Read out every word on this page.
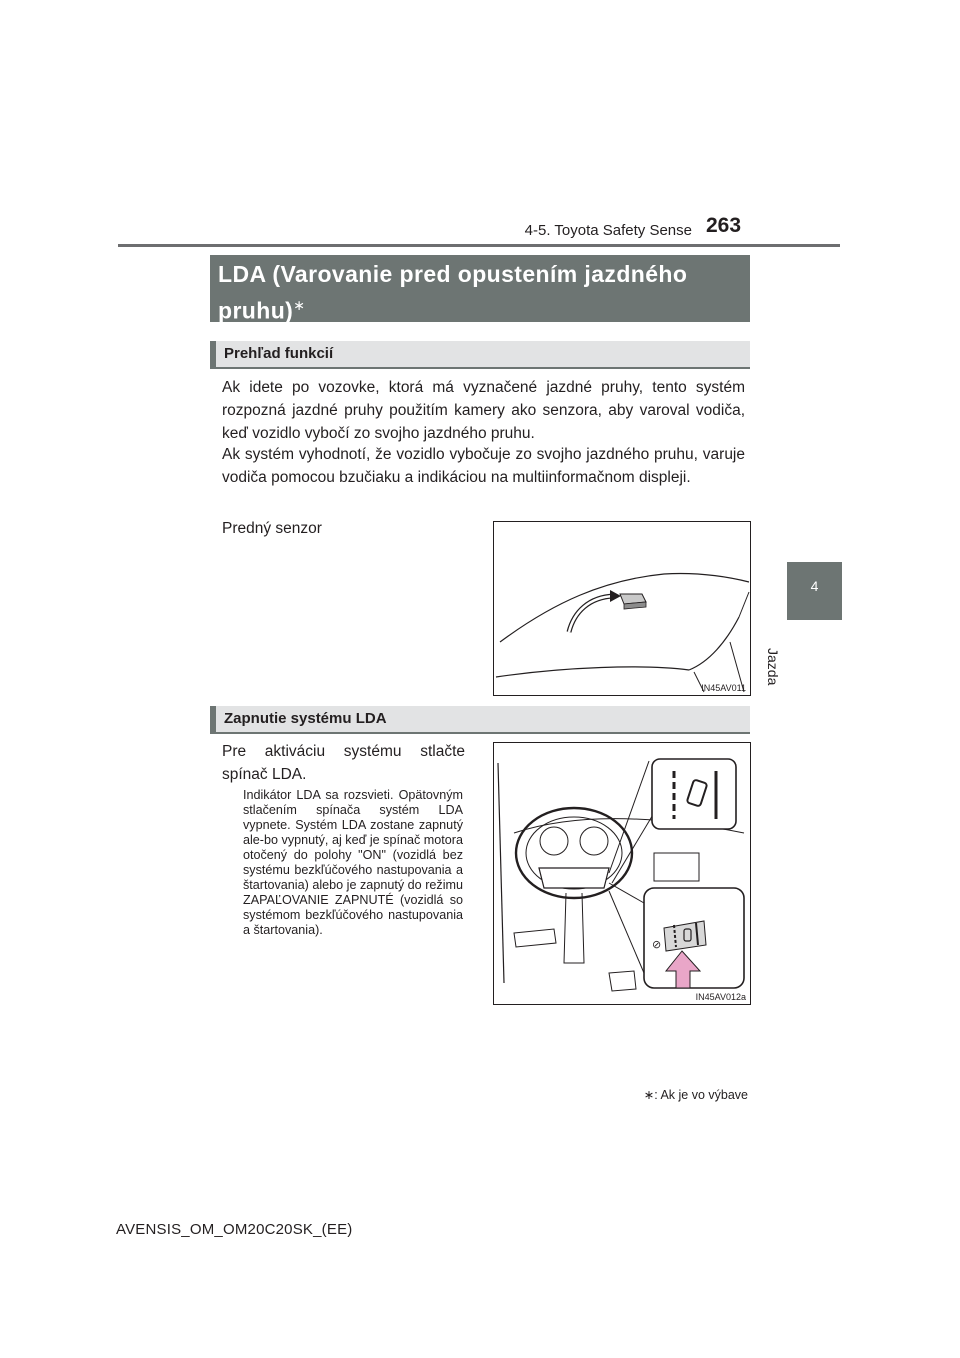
4-5. Toyota Safety Sense 263
4
Jazda
LDA (Varovanie pred opustením jazdného pruhu)∗
Prehľad funkcií
Ak idete po vozovke, ktorá má vyznačené jazdné pruhy, tento systém rozpozná jazdné pruhy použitím kamery ako senzora, aby varoval vodiča, keď vozidlo vybočí zo svojho jazdného pruhu.
Ak systém vyhodnotí, že vozidlo vybočuje zo svojho jazdného pruhu, varuje vodiča pomocou bzučiaku a indikáciou na multiinformačnom displeji.
Predný senzor
IN45AV011
Zapnutie systému LDA
Pre aktiváciu systému stlačte spínač LDA.
Indikátor LDA sa rozsvieti. Opätovným stlačením spínača systém LDA vypnete. Systém LDA zostane zapnutý ale-bo vypnutý, aj keď je spínač motora otočený do polohy "ON" (vozidlá bez systému bezkľúčového nastupovania a štartovania) alebo je zapnutý do režimu ZAPAĽOVANIE ZAPNUTÉ (vozidlá so systémom bezkľúčového nastupovania a štartovania).
⊘
IN45AV012a
∗: Ak je vo výbave
AVENSIS_OM_OM20C20SK_(EE)
